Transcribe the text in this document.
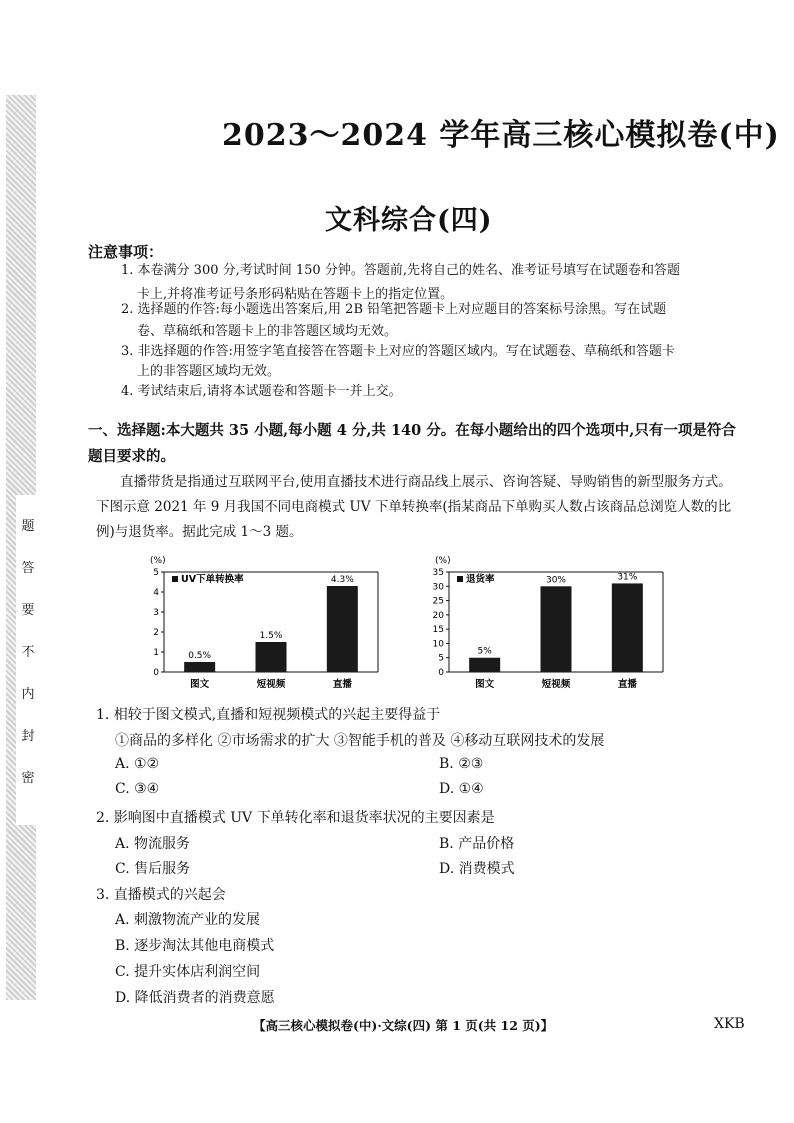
密
封
内
不
要
答
题
2023～2024 学年高三核心模拟卷(中)
文科综合(四)
注意事项：
1. 本卷满分 300 分,考试时间 150 分钟。答题前,先将自己的姓名、准考证号填写在试题卷和答题
卡上,并将准考证号条形码粘贴在答题卡上的指定位置。
2. 选择题的作答:每小题选出答案后,用 2B 铅笔把答题卡上对应题目的答案标号涂黑。写在试题
卷、草稿纸和答题卡上的非答题区域均无效。
3. 非选择题的作答:用签字笔直接答在答题卡上对应的答题区域内。写在试题卷、草稿纸和答题卡
上的非答题区域均无效。
4. 考试结束后,请将本试题卷和答题卡一并上交。
一、选择题:本大题共 35 小题,每小题 4 分,共 140 分。在每小题给出的四个选项中,只有一项是符合题目要求的。
直播带货是指通过互联网平台,使用直播技术进行商品线上展示、咨询答疑、导购销售的新型服务方式。下图示意 2021 年 9 月我国不同电商模式 UV 下单转换率(指某商品下单购买人数占该商品总浏览人数的比例)与退货率。据此完成 1～3 题。
(%)
0
1
2
3
4
5
UV下单转换率
0.5%
图文
1.5%
短视频
4.3%
直播
(%)
0
5
10
15
20
25
30
35
退货率
5%
图文
30%
短视频
31%
直播
1. 相较于图文模式,直播和短视频模式的兴起主要得益于
①商品的多样化 ②市场需求的扩大 ③智能手机的普及 ④移动互联网技术的发展
A. ①②	B. ②③
C. ③④	D. ①④
2. 影响图中直播模式 UV 下单转化率和退货率状况的主要因素是
A. 物流服务	B. 产品价格
C. 售后服务	D. 消费模式
3. 直播模式的兴起会
A. 刺激物流产业的发展
B. 逐步淘汰其他电商模式
C. 提升实体店利润空间
D. 降低消费者的消费意愿
【高三核心模拟卷(中)·文综(四) 第 1 页(共 12 页)】	XKB
